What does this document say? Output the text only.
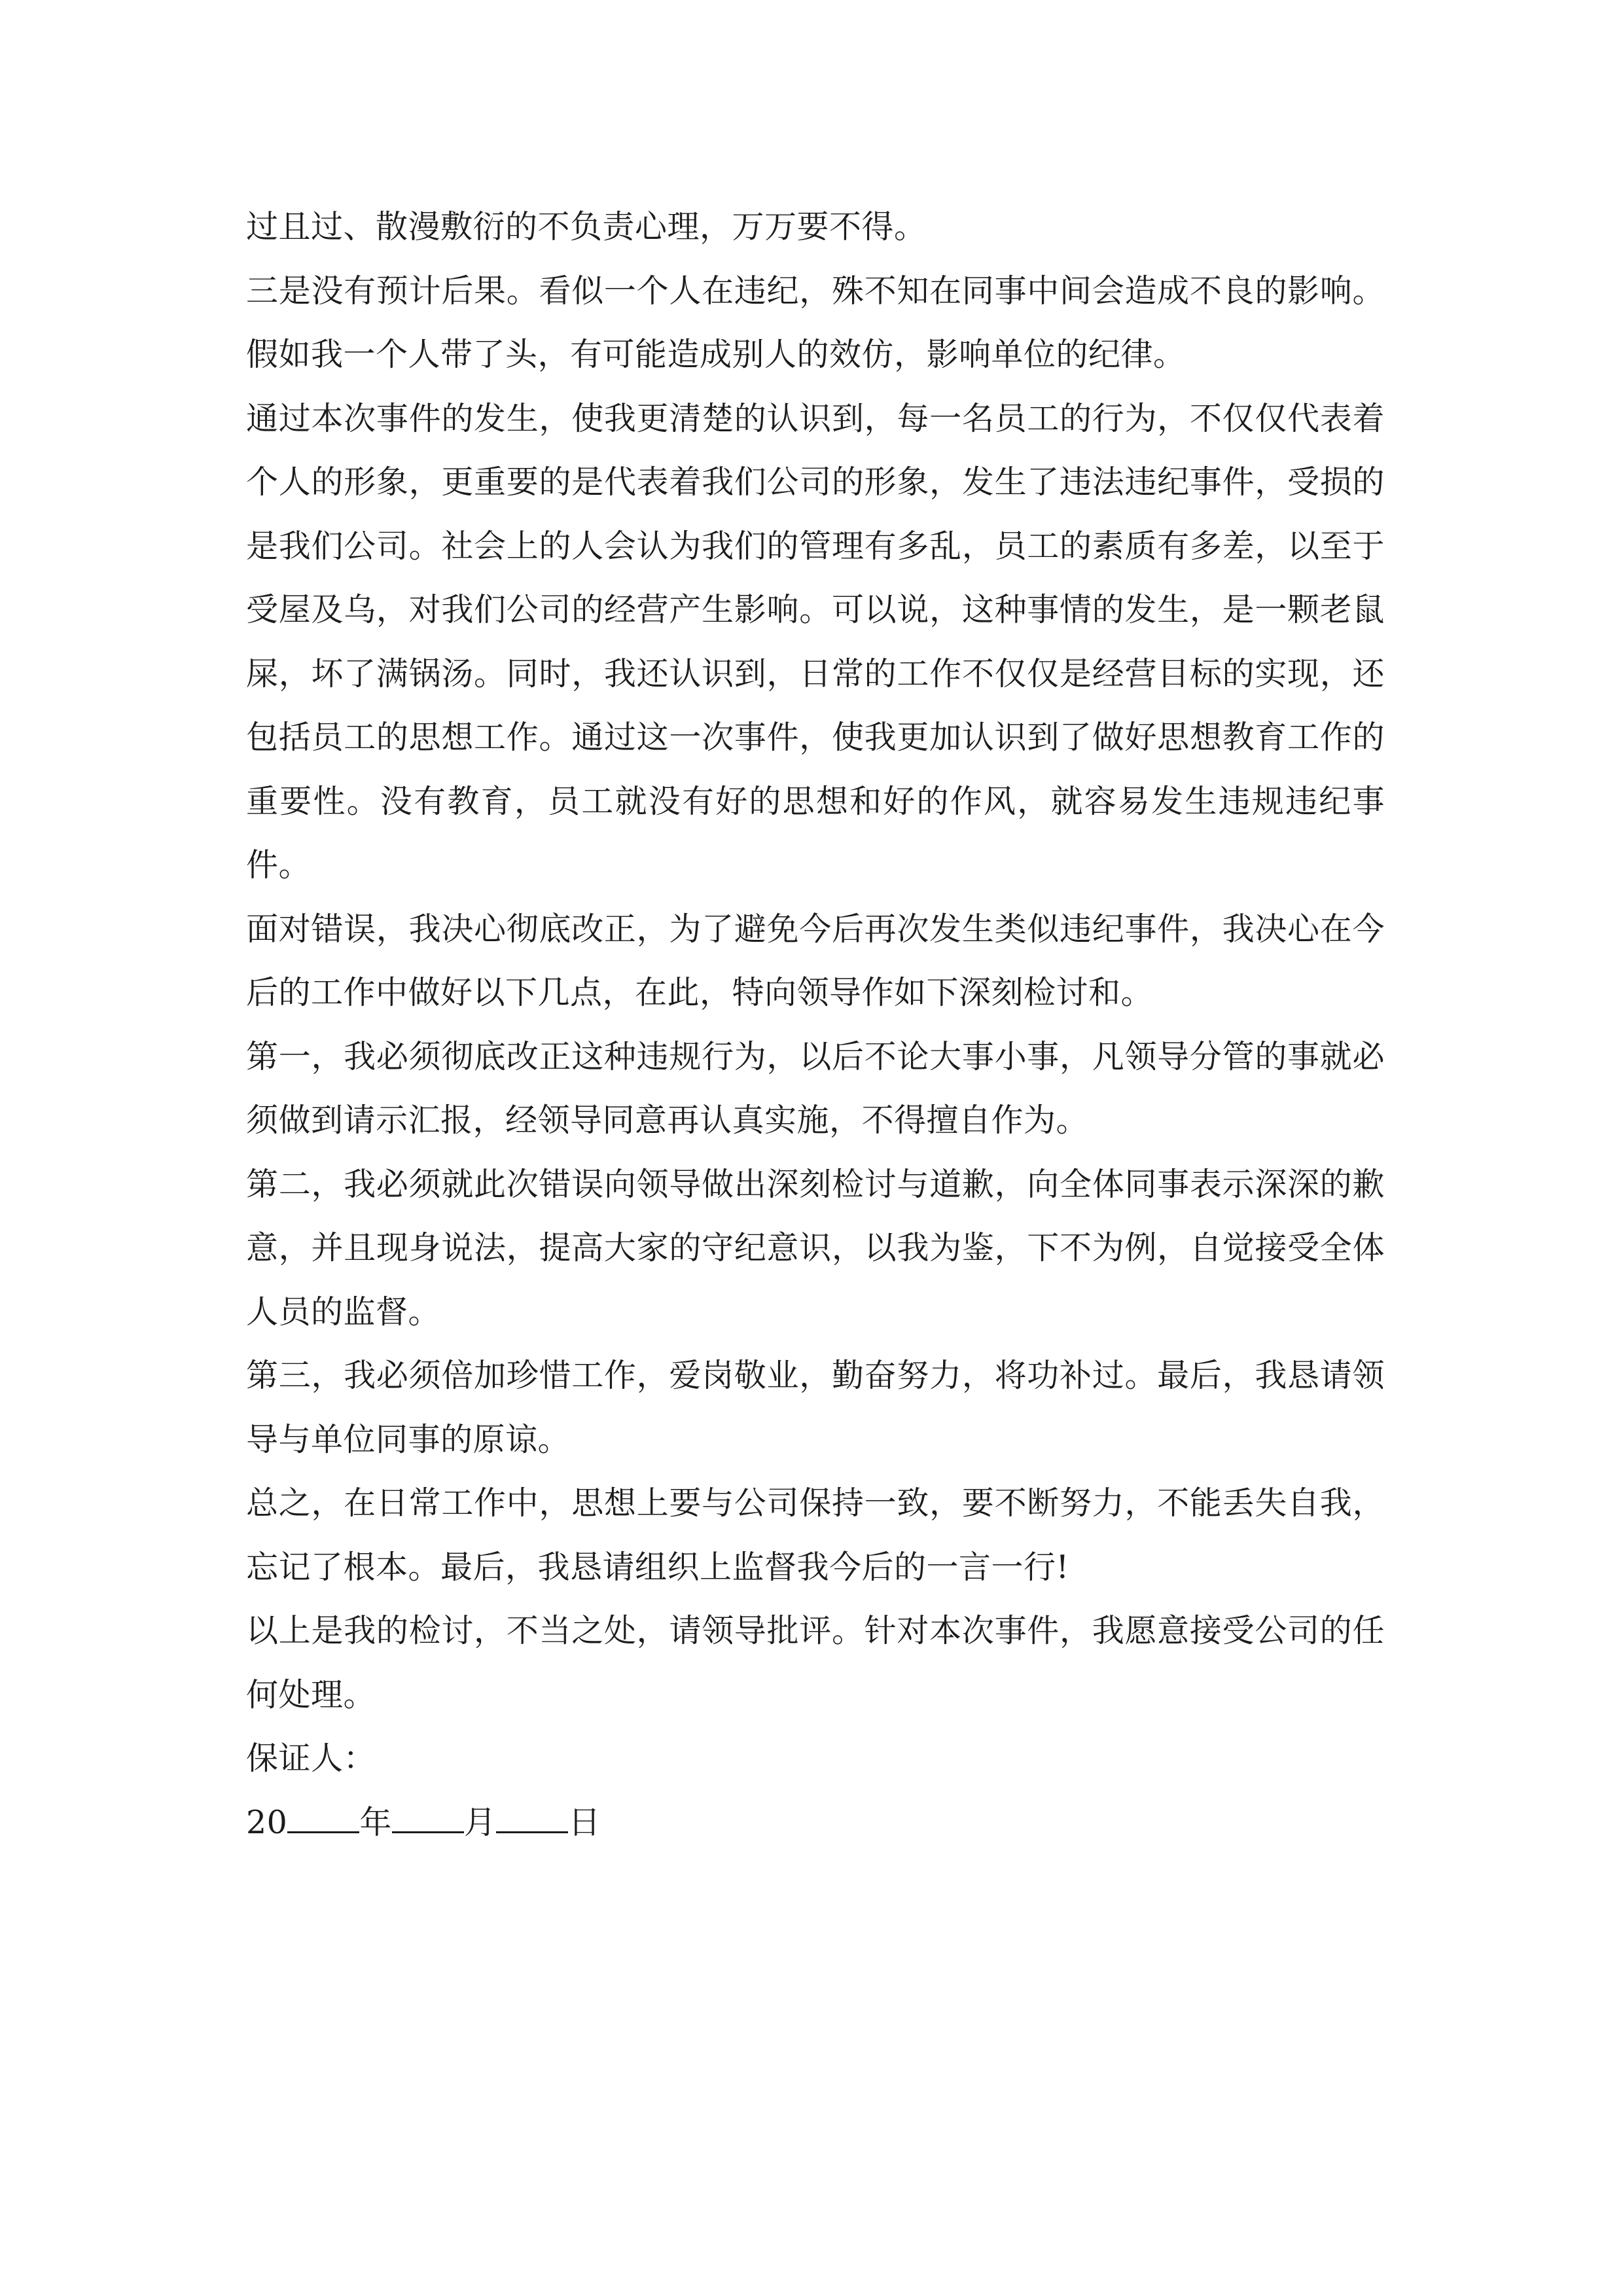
过且过、散漫敷衍的不负责心理，万万要不得。

三是没有预计后果。看似一个人在违纪，殊不知在同事中间会造成不良的影响。假如我一个人带了头，有可能造成别人的效仿，影响单位的纪律。

通过本次事件的发生，使我更清楚的认识到，每一名员工的行为，不仅仅代表着个人的形象，更重要的是代表着我们公司的形象，发生了违法违纪事件，受损的是我们公司。社会上的人会认为我们的管理有多乱，员工的素质有多差，以至于受屋及乌，对我们公司的经营产生影响。可以说，这种事情的发生，是一颗老鼠屎，坏了满锅汤。同时，我还认识到，日常的工作不仅仅是经营目标的实现，还包括员工的思想工作。通过这一次事件，使我更加认识到了做好思想教育工作的重要性。没有教育，员工就没有好的思想和好的作风，就容易发生违规违纪事件。

面对错误，我决心彻底改正，为了避免今后再次发生类似违纪事件，我决心在今后的工作中做好以下几点，在此，特向领导作如下深刻检讨和。

第一，我必须彻底改正这种违规行为，以后不论大事小事，凡领导分管的事就必须做到请示汇报，经领导同意再认真实施，不得擅自作为。

第二，我必须就此次错误向领导做出深刻检讨与道歉，向全体同事表示深深的歉意，并且现身说法，提高大家的守纪意识，以我为鉴，下不为例，自觉接受全体人员的监督。

第三，我必须倍加珍惜工作，爱岗敬业，勤奋努力，将功补过。最后，我恳请领导与单位同事的原谅。

总之，在日常工作中，思想上要与公司保持一致，要不断努力，不能丢失自我，忘记了根本。最后，我恳请组织上监督我今后的一言一行!

以上是我的检讨，不当之处，请领导批评。针对本次事件，我愿意接受公司的任何处理。

保证人：

20 年 月 日
